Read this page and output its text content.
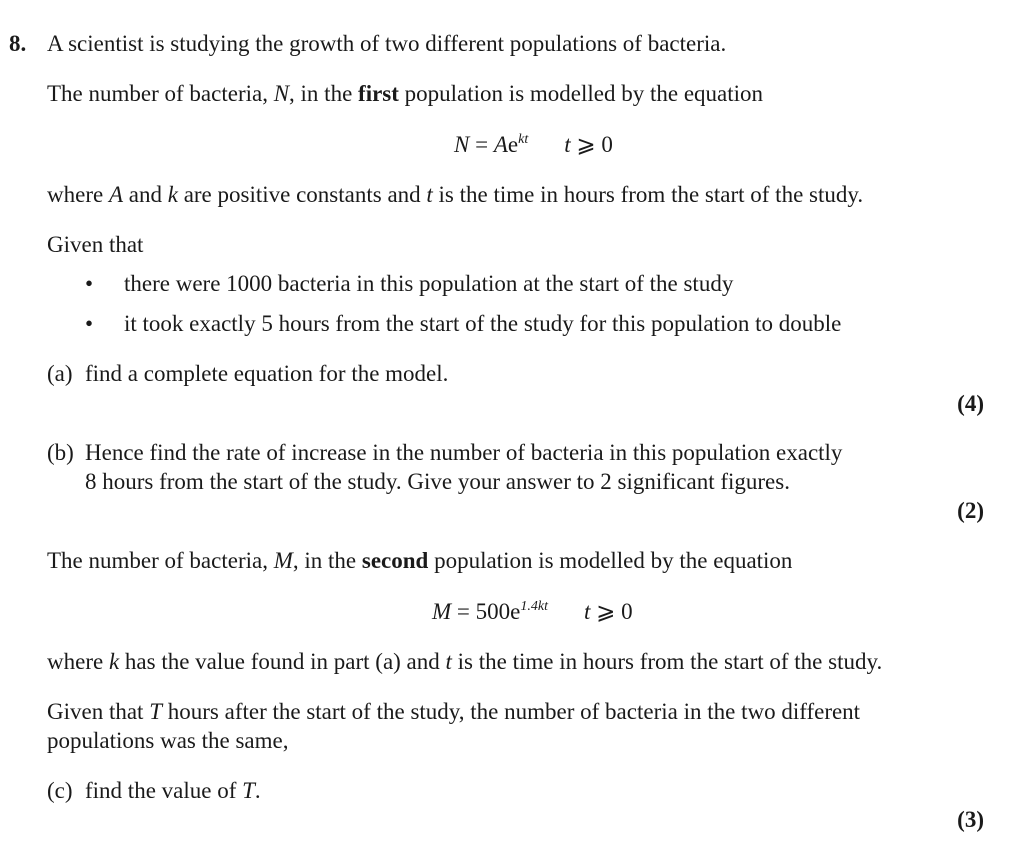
8. A scientist is studying the growth of two different populations of bacteria.
The number of bacteria, N, in the first population is modelled by the equation
$N = Ae^{kt}$ t ⩾ 0
where A and k are positive constants and t is the time in hours from the start of the study.
Given that
• there were 1000 bacteria in this population at the start of the study
• it took exactly 5 hours from the start of the study for this population to double
(a) find a complete equation for the model.
(4)
(b) Hence find the rate of increase in the number of bacteria in this population exactly
8 hours from the start of the study. Give your answer to 2 significant figures.
(2)
The number of bacteria, M, in the second population is modelled by the equation
$M = 500e^{1.4kt}$ t ⩾ 0
where k has the value found in part (a) and t is the time in hours from the start of the study.
Given that T hours after the start of the study, the number of bacteria in the two different
populations was the same,
(c) find the value of T.
(3)
